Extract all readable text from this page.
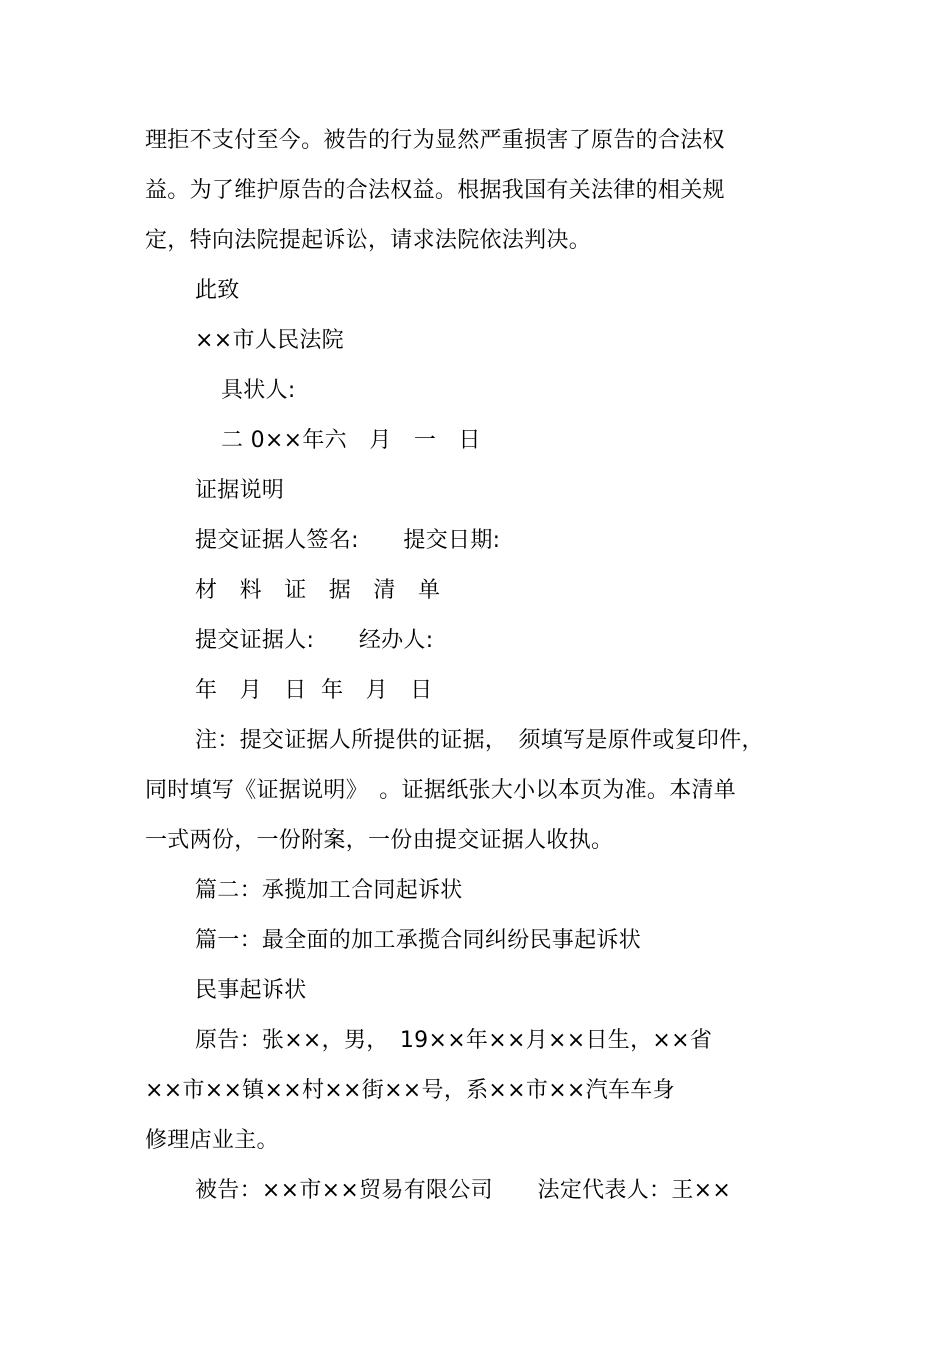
理拒不支付至今。被告的行为显然严重损害了原告的合法权
益。为了维护原告的合法权益。根据我国有关法律的相关规
定，特向法院提起诉讼，请求法院依法判决。
此致
××市人民法院
具状人:
二 0××年六　月　一　日
证据说明
提交证据人签名:　　提交日期:
材　料　证　据　清　单
提交证据人:　　经办人:
年　月　日  年　月　日
注：提交证据人所提供的证据，　须填写是原件或复印件，
同时填写《证据说明》　。证据纸张大小以本页为准。本清单
一式两份，一份附案，一份由提交证据人收执。
篇二：承揽加工合同起诉状
篇一：最全面的加工承揽合同纠纷民事起诉状
民事起诉状
原告：张××，男，　19××年××月××日生，××省
××市××镇××村××街××号，系××市××汽车车身
修理店业主。
被告：××市××贸易有限公司　　法定代表人：王××
